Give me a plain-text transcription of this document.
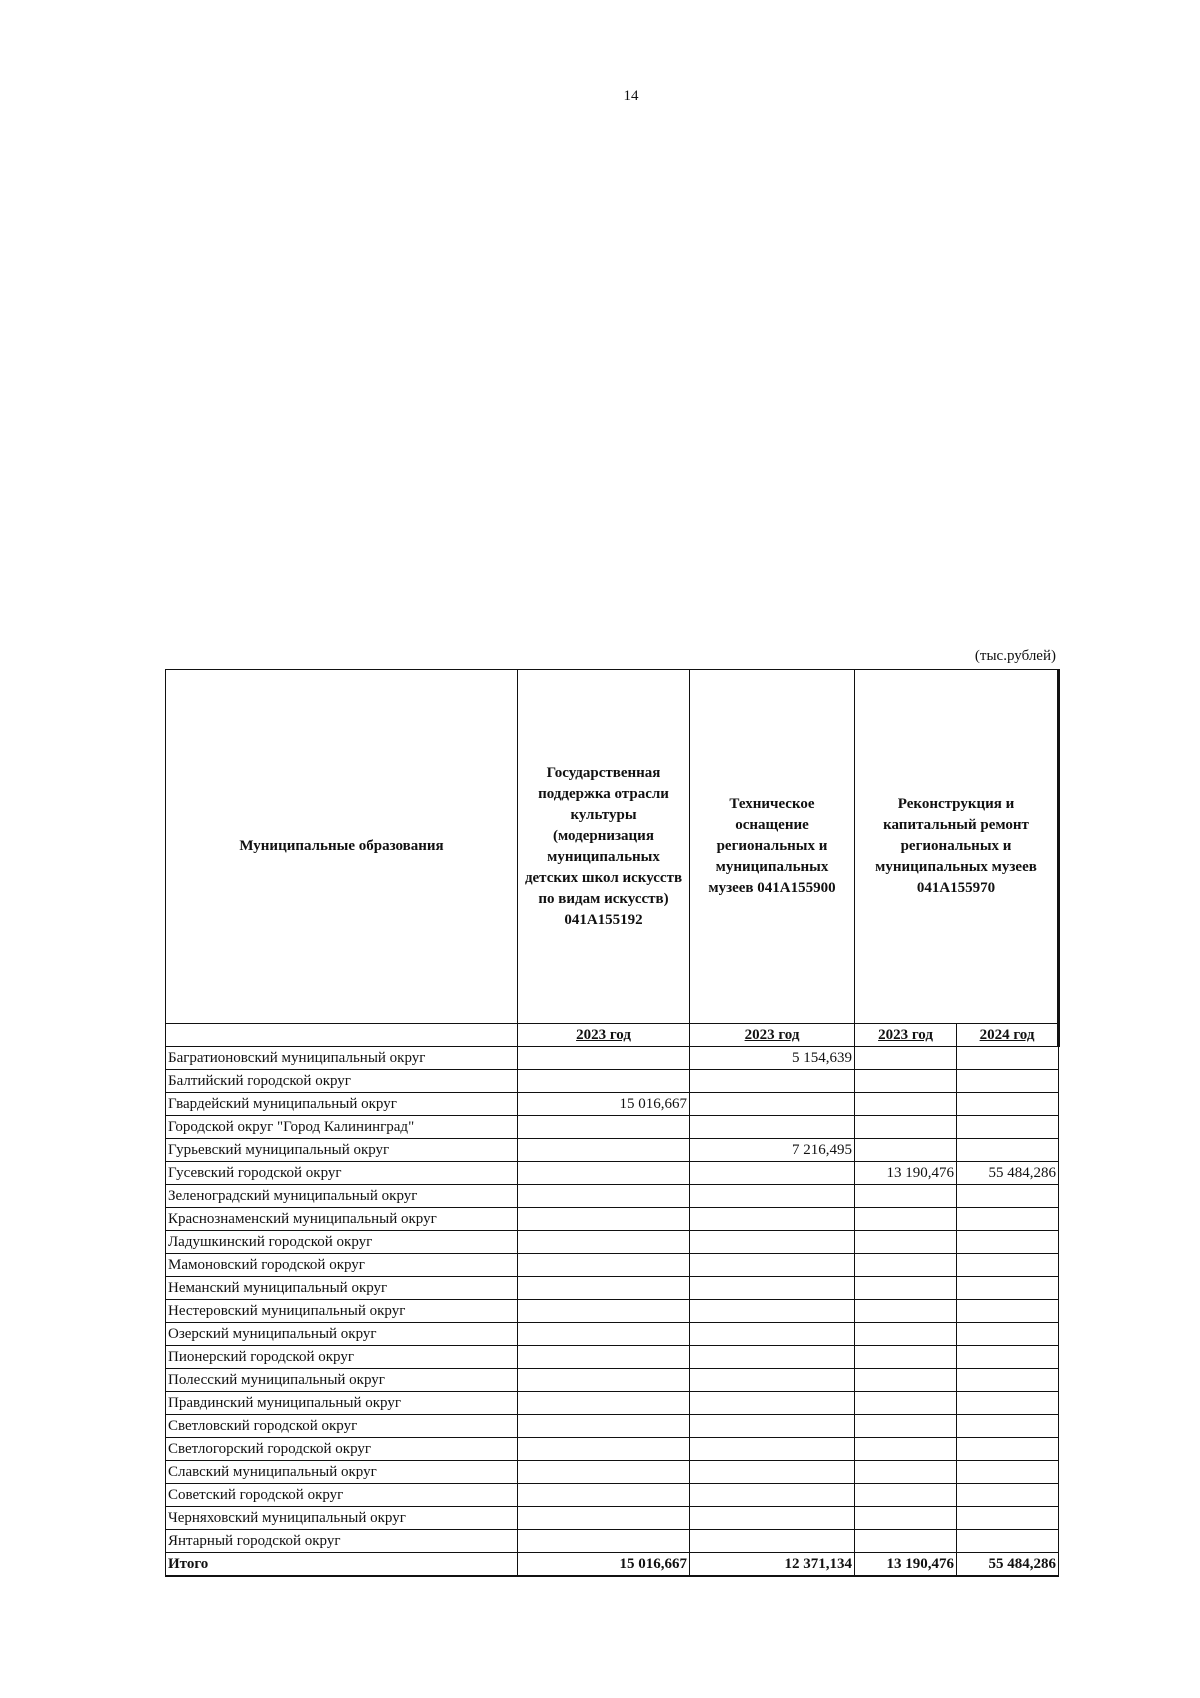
14
(тыс.рублей)
Муниципальные образования	Государственная поддержка отрасли культуры (модернизация муниципальных детских школ искусств по видам искусств) 041A155192	Техническое оснащение региональных и муниципальных музеев 041A155900	Реконструкция и капитальный ремонт региональных и муниципальных музеев 041A155970	
	2023 год	2023 год	2023 год	2024 год
Багратионовский муниципальный округ		5 154,639		
Балтийский городской округ				
Гвардейский муниципальный округ	15 016,667			
Городской округ "Город Калининград"				
Гурьевский муниципальный округ		7 216,495		
Гусевский городской округ			13 190,476	55 484,286
Зеленоградский муниципальный округ				
Краснознаменский муниципальный округ				
Ладушкинский городской округ				
Мамоновский городской округ				
Неманский муниципальный округ				
Нестеровский муниципальный округ				
Озерский муниципальный округ				
Пионерский городской округ				
Полесский муниципальный округ				
Правдинский муниципальный округ				
Светловский городской округ				
Светлогорский городской округ				
Славский муниципальный округ				
Советский городской округ				
Черняховский муниципальный округ				
Янтарный городской округ				
Итого	15 016,667	12 371,134	13 190,476	55 484,286
